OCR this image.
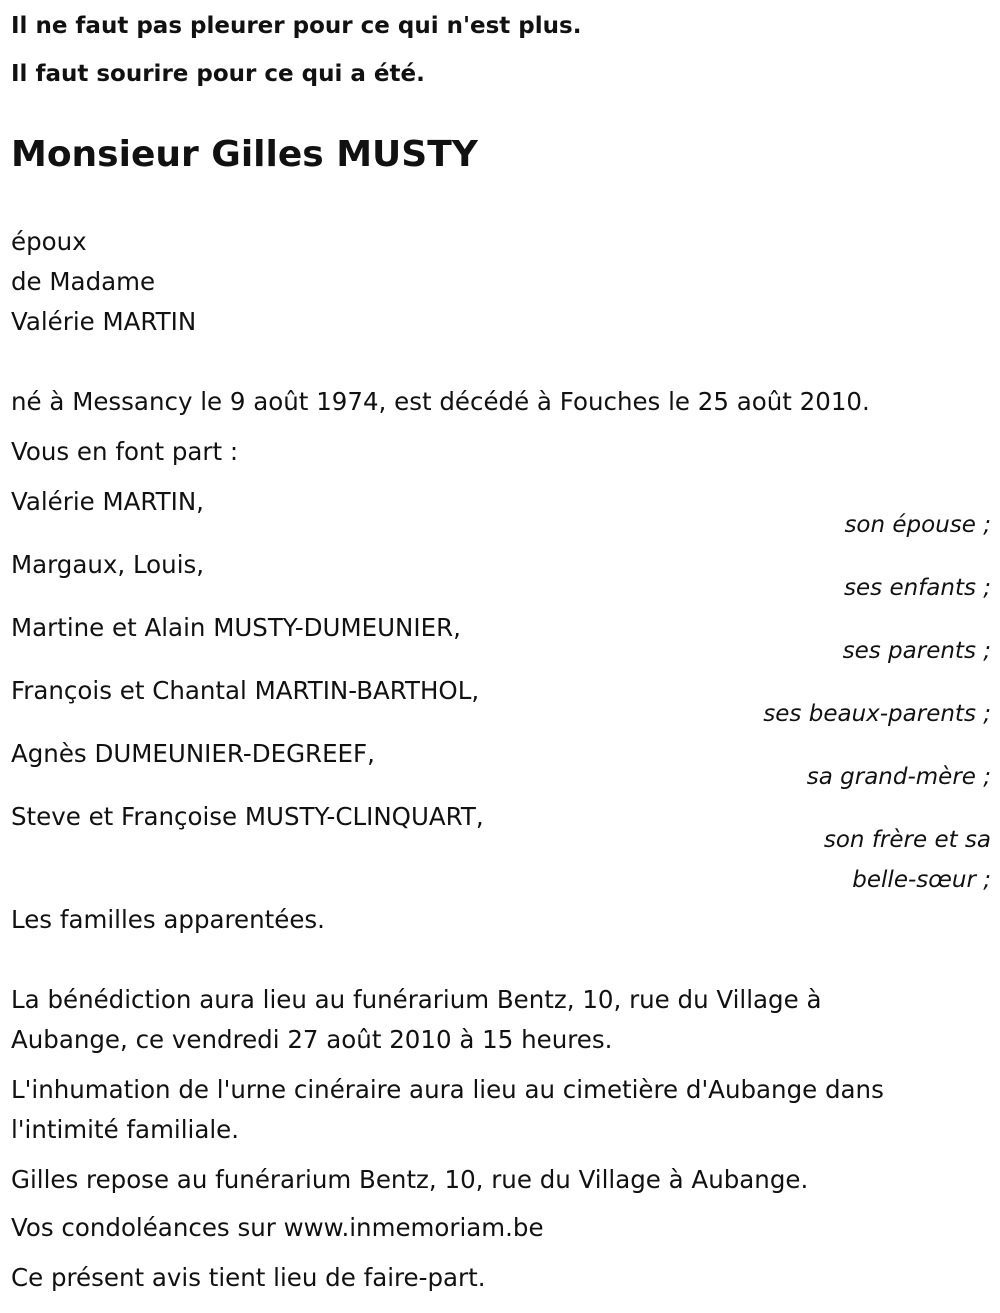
Il ne faut pas pleurer pour ce qui n'est plus.
Il faut sourire pour ce qui a été.
Monsieur Gilles MUSTY
époux
de Madame
Valérie MARTIN
né à Messancy le 9 août 1974, est décédé à Fouches le 25 août 2010.
Vous en font part :
Valérie MARTIN,
son épouse ;
Margaux, Louis,
ses enfants ;
Martine et Alain MUSTY-DUMEUNIER,
ses parents ;
François et Chantal MARTIN-BARTHOL,
ses beaux-parents ;
Agnès DUMEUNIER-DEGREEF,
sa grand-mère ;
Steve et Françoise MUSTY-CLINQUART,
son frère et sa
belle-sœur ;
Les familles apparentées.
La bénédiction aura lieu au funérarium Bentz, 10, rue du Village à
Aubange, ce vendredi 27 août 2010 à 15 heures.
L'inhumation de l'urne cinéraire aura lieu au cimetière d'Aubange dans
l'intimité familiale.
Gilles repose au funérarium Bentz, 10, rue du Village à Aubange.
Vos condoléances sur www.inmemoriam.be
Ce présent avis tient lieu de faire-part.
